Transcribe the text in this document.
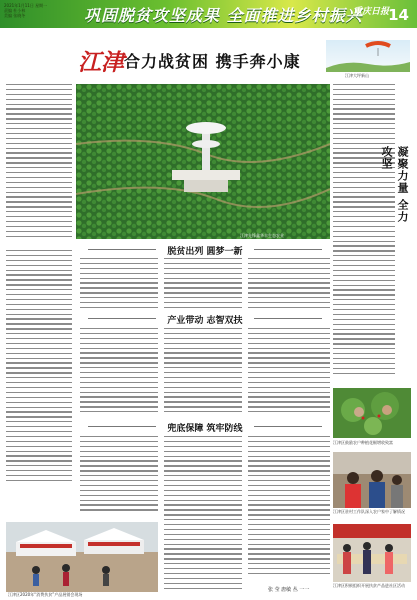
2021年1月11日 星期一
责编 杜小林
美编 张晓冬	巩固脱贫攻坚成果 全面推进乡村振兴
重庆日报 14
江津 合力战贫困 携手奔小康
江津大坪新山
江津先锋鑫华丰生态农业
凝聚力量 全力攻坚
脱贫出列 圆梦一新
产业带动 志智双扶
江津区鼓励农户种植花椒增收致富
兜底保障 筑牢防线
张 莹 唐敏 丛 一一
江津区2020年“消费扶贫”产品展销会现场
江津区驻村工作队深入农户家中了解情况
江津区积极组织开展扶贫产品进社区活动
